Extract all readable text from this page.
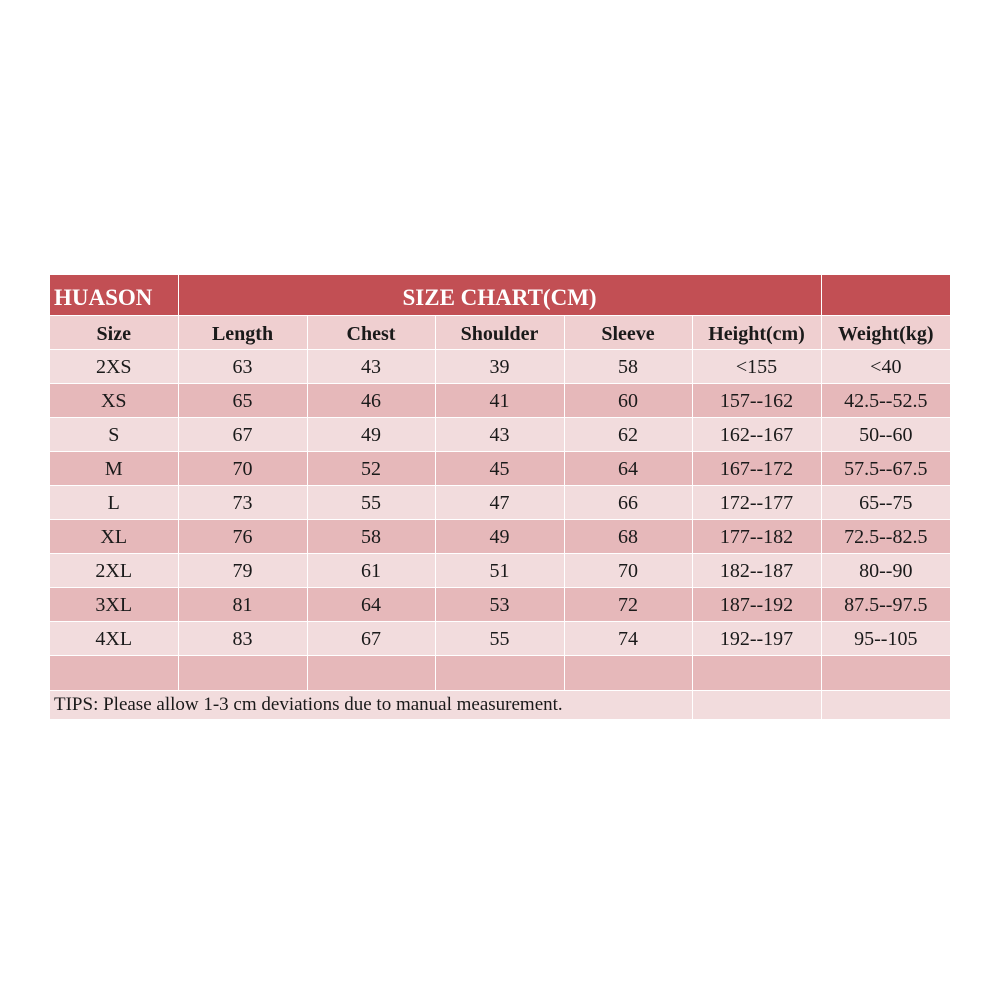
HUASON	SIZE CHART(CM)					
Size	Length	Chest	Shoulder	Sleeve	Height(cm)	Weight(kg)
2XS	63	43	39	58	<155	<40
XS	65	46	41	60	157--162	42.5--52.5
S	67	49	43	62	162--167	50--60
M	70	52	45	64	167--172	57.5--67.5
L	73	55	47	66	172--177	65--75
XL	76	58	49	68	177--182	72.5--82.5
2XL	79	61	51	70	182--187	80--90
3XL	81	64	53	72	187--192	87.5--97.5
4XL	83	67	55	74	192--197	95--105

TIPS: Please allow 1-3 cm deviations due to manual measurement.						
